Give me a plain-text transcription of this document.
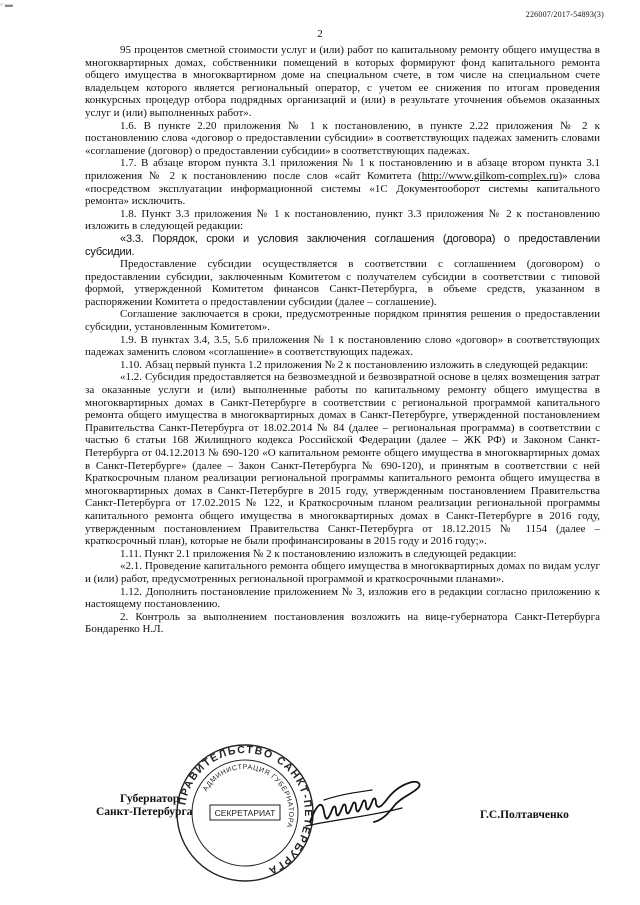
▫ ▬
226007/2017-54893(3)
2

95 процентов сметной стоимости услуг и (или) работ по капитальному ремонту общего имущества в многоквартирных домах, собственники помещений в которых формируют фонд капитального ремонта общего имущества в многоквартирном доме на специальном счете, в том числе на специальном счете владельцем которого является региональный оператор, с учетом ее снижения по итогам проведения конкурсных процедур отбора подрядных организаций и (или) в результате уточнения объемов оказанных услуг и (или) выполненных работ».

1.6. В пункте 2.20 приложения № 1 к постановлению, в пункте 2.22 приложения № 2 к постановлению слова «договор о предоставлении субсидии» в соответствующих падежах заменить словами «соглашение (договор) о предоставлении субсидии» в соответствующих падежах.

1.7. В абзаце втором пункта 3.1 приложения № 1 к постановлению и в абзаце втором пункта 3.1 приложения № 2 к постановлению после слов «сайт Комитета (http://www.gilkom-complex.ru)» слова «посредством эксплуатации информационной системы «1С Документооборот системы капитального ремонта» исключить.

1.8. Пункт 3.3 приложения № 1 к постановлению, пункт 3.3 приложения № 2 к постановлению изложить в следующей редакции:

«3.3. Порядок, сроки и условия заключения соглашения (договора) о предоставлении субсидии.

Предоставление субсидии осуществляется в соответствии с соглашением (договором) о предоставлении субсидии, заключенным Комитетом с получателем субсидии в соответствии с типовой формой, утвержденной Комитетом финансов Санкт-Петербурга, в объеме средств, указанном в распоряжении Комитета о предоставлении субсидии (далее – соглашение).

Соглашение заключается в сроки, предусмотренные порядком принятия решения о предоставлении субсидии, установленным Комитетом».

1.9. В пунктах 3.4, 3.5, 5.6 приложения № 1 к постановлению слово «договор» в соответствующих падежах заменить словом «соглашение» в соответствующих падежах.

1.10. Абзац первый пункта 1.2 приложения № 2 к постановлению изложить в следующей редакции:

«1.2. Субсидия предоставляется на безвозмездной и безвозвратной основе в целях возмещения затрат за оказанные услуги и (или) выполненные работы по капитальному ремонту общего имущества в многоквартирных домах в Санкт-Петербурге в соответствии с региональной программой капитального ремонта общего имущества в многоквартирных домах в Санкт-Петербурге, утвержденной постановлением Правительства Санкт-Петербурга от 18.02.2014 № 84 (далее – региональная программа) в соответствии с частью 6 статьи 168 Жилищного кодекса Российской Федерации (далее – ЖК РФ) и Законом Санкт-Петербурга от 04.12.2013 № 690-120 «О капитальном ремонте общего имущества в многоквартирных домах в Санкт-Петербурге» (далее – Закон Санкт-Петербурга № 690-120), и принятым в соответствии с ней Краткосрочным планом реализации региональной программы капитального ремонта общего имущества в многоквартирных домах в Санкт-Петербурге в 2015 году, утвержденным постановлением Правительства Санкт-Петербурга от 17.02.2015 № 122, и Краткосрочным планом реализации региональной программы капитального ремонта общего имущества в многоквартирных домах в Санкт-Петербурге в 2016 году, утвержденным постановлением Правительства Санкт-Петербурга от 18.12.2015 № 1154 (далее – краткосрочный план), которые не были профинансированы в 2015 году и 2016 году;».

1.11. Пункт 2.1 приложения № 2 к постановлению изложить в следующей редакции:

«2.1. Проведение капитального ремонта общего имущества в многоквартирных домах по видам услуг и (или) работ, предусмотренных региональной программой и краткосрочными планами».

1.12. Дополнить постановление приложением № 3, изложив его в редакции согласно приложению к настоящему постановлению.

2. Контроль за выполнением постановления возложить на вице-губернатора Санкт-Петербурга Бондаренко Н.Л.

Губернатор
Санкт-Петербурга
ПРАВИТЕЛЬСТВО САНКТ-ПЕТЕРБУРГА
АДМИНИСТРАЦИЯ ГУБЕРНАТОРА
СЕКРЕТАРИАТ	Г.С.Полтавченко
